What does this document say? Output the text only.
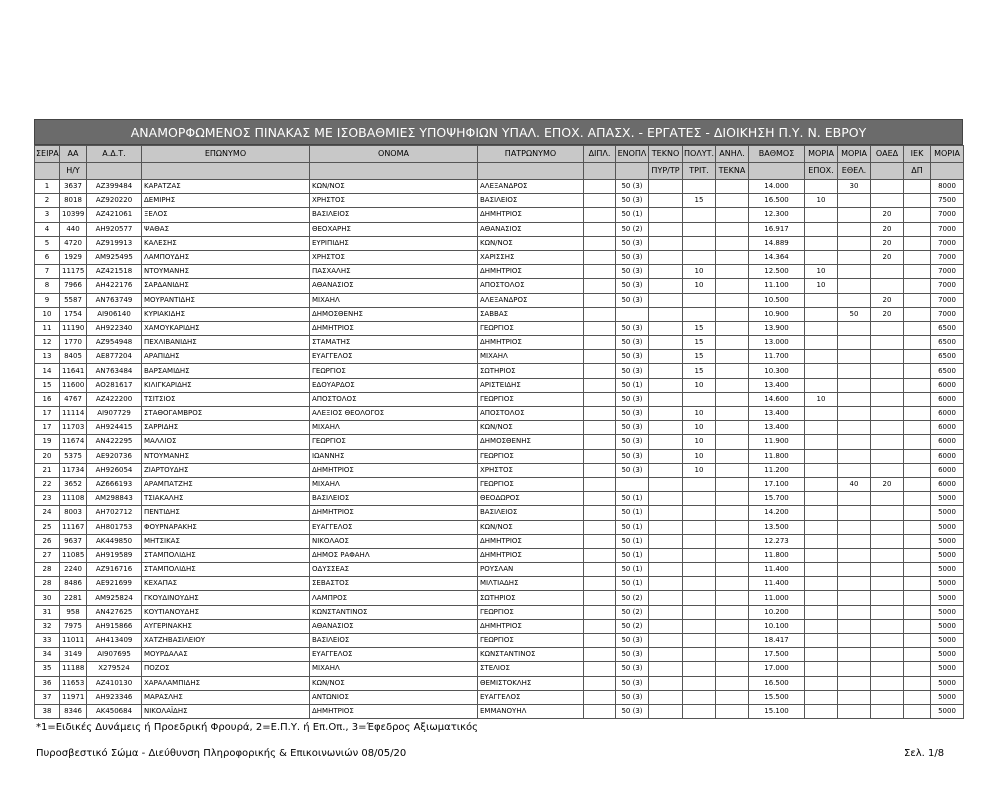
ΑΝΑΜΟΡΦΩΜΕΝΟΣ ΠΙΝΑΚΑΣ ΜΕ ΙΣΟΒΑΘΜΙΕΣ ΥΠΟΨΗΦΙΩΝ ΥΠΑΛ. ΕΠΟΧ. ΑΠΑΣΧ. - ΕΡΓΑΤΕΣ - ΔΙΟΙΚΗΣΗ Π.Υ. Ν. ΕΒΡΟΥ
ΣΕΙΡΑ	ΑΑ	Α.Δ.Τ.	ΕΠΩΝΥΜΟ	ΟΝΟΜΑ	ΠΑΤΡΩΝΥΜΟ	ΔΙΠΛ.	ΕΝΟΠΛ	ΤΕΚΝΟ	ΠΟΛΥΤ.	ΑΝΗΛ.	ΒΑΘΜΟΣ	ΜΟΡΙΑ	ΜΟΡΙΑ	ΟΑΕΔ	ΙΕΚ	ΜΟΡΙΑ
	Η/Υ							ΠΥΡ/ΤΡ	ΤΡΙΤ.	ΤΕΚΝΑ		ΕΠΟΧ.	ΕΘΕΛ.		ΔΠ	
1	3637	ΑΖ399484	ΚΑΡΑΤΖΑΣ	ΚΩΝ/ΝΟΣ	ΑΛΕΞΑΝΔΡΟΣ		50 (3)				14.000		30			8000
2	8018	ΑΖ920220	ΔΕΜΙΡΗΣ	ΧΡΗΣΤΟΣ	ΒΑΣΙΛΕΙΟΣ		50 (3)		15		16.500	10				7500
3	10399	ΑΖ421061	ΞΕΛΟΣ	ΒΑΣΙΛΕΙΟΣ	ΔΗΜΗΤΡΙΟΣ		50 (1)				12.300			20		7000
4	440	ΑΗ920577	ΨΑΘΑΣ	ΘΕΟΧΑΡΗΣ	ΑΘΑΝΑΣΙΟΣ		50 (2)				16.917			20		7000
5	4720	ΑΖ919913	ΚΑΛΕΣΗΣ	ΕΥΡΙΠΙΔΗΣ	ΚΩΝ/ΝΟΣ		50 (3)				14.889			20		7000
6	1929	ΑΜ925495	ΛΑΜΠΟΥΔΗΣ	ΧΡΗΣΤΟΣ	ΧΑΡΙΣΣΗΣ		50 (3)				14.364			20		7000
7	11175	ΑΖ421518	ΝΤΟΥΜΑΝΗΣ	ΠΑΣΧΑΛΗΣ	ΔΗΜΗΤΡΙΟΣ		50 (3)		10		12.500	10				7000
8	7966	ΑΗ422176	ΣΑΡΔΑΝΙΔΗΣ	ΑΘΑΝΑΣΙΟΣ	ΑΠΟΣΤΟΛΟΣ		50 (3)		10		11.100	10				7000
9	5587	ΑΝ763749	ΜΟΥΡΑΝΤΙΔΗΣ	ΜΙΧΑΗΛ	ΑΛΕΞΑΝΔΡΟΣ		50 (3)				10.500			20		7000
10	1754	ΑΙ906140	ΚΥΡΙΑΚΙΔΗΣ	ΔΗΜΟΣΘΕΝΗΣ	ΣΑΒΒΑΣ						10.900		50	20		7000
11	11190	ΑΗ922340	ΧΑΜΟΥΚΑΡΙΔΗΣ	ΔΗΜΗΤΡΙΟΣ	ΓΕΩΡΓΙΟΣ		50 (3)		15		13.900					6500
12	1770	ΑΖ954948	ΠΕΧΛΙΒΑΝΙΔΗΣ	ΣΤΑΜΑΤΗΣ	ΔΗΜΗΤΡΙΟΣ		50 (3)		15		13.000					6500
13	8405	ΑΕ877204	ΑΡΑΠΙΔΗΣ	ΕΥΑΓΓΕΛΟΣ	ΜΙΧΑΗΛ		50 (3)		15		11.700					6500
14	11641	ΑΝ763484	ΒΑΡΣΑΜΙΔΗΣ	ΓΕΩΡΓΙΟΣ	ΣΩΤΗΡΙΟΣ		50 (3)		15		10.300					6500
15	11600	ΑΟ281617	ΚΙΛΙΓΚΑΡΙΔΗΣ	ΕΔΟΥΑΡΔΟΣ	ΑΡΙΣΤΕΙΔΗΣ		50 (1)		10		13.400					6000
16	4767	ΑΖ422200	ΤΣΙΤΣΙΟΣ	ΑΠΟΣΤΟΛΟΣ	ΓΕΩΡΓΙΟΣ		50 (3)				14.600	10				6000
17	11114	ΑΙ907729	ΣΤΑΘΟΓΑΜΒΡΟΣ	ΑΛΕΞΙΟΣ ΘΕΟΛΟΓΟΣ	ΑΠΟΣΤΟΛΟΣ		50 (3)		10		13.400					6000
17	11703	ΑΗ924415	ΣΑΡΡΙΔΗΣ	ΜΙΧΑΗΛ	ΚΩΝ/ΝΟΣ		50 (3)		10		13.400					6000
19	11674	ΑΝ422295	ΜΑΛΛΙΟΣ	ΓΕΩΡΓΙΟΣ	ΔΗΜΟΣΘΕΝΗΣ		50 (3)		10		11.900					6000
20	5375	ΑΕ920736	ΝΤΟΥΜΑΝΗΣ	ΙΩΑΝΝΗΣ	ΓΕΩΡΓΙΟΣ		50 (3)		10		11.800					6000
21	11734	ΑΗ926054	ΖΙΑΡΤΟΥΔΗΣ	ΔΗΜΗΤΡΙΟΣ	ΧΡΗΣΤΟΣ		50 (3)		10		11.200					6000
22	3652	ΑΖ666193	ΑΡΑΜΠΑΤΖΗΣ	ΜΙΧΑΗΛ	ΓΕΩΡΓΙΟΣ						17.100		40	20		6000
23	11108	ΑΜ298843	ΤΣΙΑΚΑΛΗΣ	ΒΑΣΙΛΕΙΟΣ	ΘΕΟΔΩΡΟΣ		50 (1)				15.700					5000
24	8003	ΑΗ702712	ΠΕΝΤΙΔΗΣ	ΔΗΜΗΤΡΙΟΣ	ΒΑΣΙΛΕΙΟΣ		50 (1)				14.200					5000
25	11167	ΑΗ801753	ΦΟΥΡΝΑΡΑΚΗΣ	ΕΥΑΓΓΕΛΟΣ	ΚΩΝ/ΝΟΣ		50 (1)				13.500					5000
26	9637	ΑΚ449850	ΜΗΤΣΙΚΑΣ	ΝΙΚΟΛΑΟΣ	ΔΗΜΗΤΡΙΟΣ		50 (1)				12.273					5000
27	11085	ΑΗ919589	ΣΤΑΜΠΟΛΙΔΗΣ	ΔΗΜΟΣ ΡΑΦΑΗΛ	ΔΗΜΗΤΡΙΟΣ		50 (1)				11.800					5000
28	2240	ΑΖ916716	ΣΤΑΜΠΟΛΙΔΗΣ	ΟΔΥΣΣΕΑΣ	ΡΟΥΣΛΑΝ		50 (1)				11.400					5000
28	8486	ΑΕ921699	ΚΕΧΑΠΑΣ	ΣΕΒΑΣΤΟΣ	ΜΙΛΤΙΑΔΗΣ		50 (1)				11.400					5000
30	2281	ΑΜ925824	ΓΚΟΥΔΙΝΟΥΔΗΣ	ΛΑΜΠΡΟΣ	ΣΩΤΗΡΙΟΣ		50 (2)				11.000					5000
31	958	ΑΝ427625	ΚΟΥΤΙΑΝΟΥΔΗΣ	ΚΩΝΣΤΑΝΤΙΝΟΣ	ΓΕΩΡΓΙΟΣ		50 (2)				10.200					5000
32	7975	ΑΗ915866	ΑΥΓΕΡΙΝΑΚΗΣ	ΑΘΑΝΑΣΙΟΣ	ΔΗΜΗΤΡΙΟΣ		50 (2)				10.100					5000
33	11011	ΑΗ413409	ΧΑΤΖΗΒΑΣΙΛΕΙΟΥ	ΒΑΣΙΛΕΙΟΣ	ΓΕΩΡΓΙΟΣ		50 (3)				18.417					5000
34	3149	ΑΙ907695	ΜΟΥΡΔΑΛΑΣ	ΕΥΑΓΓΕΛΟΣ	ΚΩΝΣΤΑΝΤΙΝΟΣ		50 (3)				17.500					5000
35	11188	Χ279524	ΠΟΖΟΣ	ΜΙΧΑΗΛ	ΣΤΕΛΙΟΣ		50 (3)				17.000					5000
36	11653	ΑΖ410130	ΧΑΡΑΛΑΜΠΙΔΗΣ	ΚΩΝ/ΝΟΣ	ΘΕΜΙΣΤΟΚΛΗΣ		50 (3)				16.500					5000
37	11971	ΑΗ923346	ΜΑΡΑΣΛΗΣ	ΑΝΤΩΝΙΟΣ	ΕΥΑΓΓΕΛΟΣ		50 (3)				15.500					5000
38	8346	ΑΚ450684	ΝΙΚΟΛΑΪΔΗΣ	ΔΗΜΗΤΡΙΟΣ	ΕΜΜΑΝΟΥΗΛ		50 (3)				15.100					5000
*1=Ειδικές Δυνάμεις ή Προεδρική Φρουρά, 2=Ε.Π.Υ. ή Επ.Οπ., 3=Έφεδρος Αξιωματικός
Πυροσβεστικό Σώμα - Διεύθυνση Πληροφορικής & Επικοινωνιών 08/05/20	Σελ. 1/8
